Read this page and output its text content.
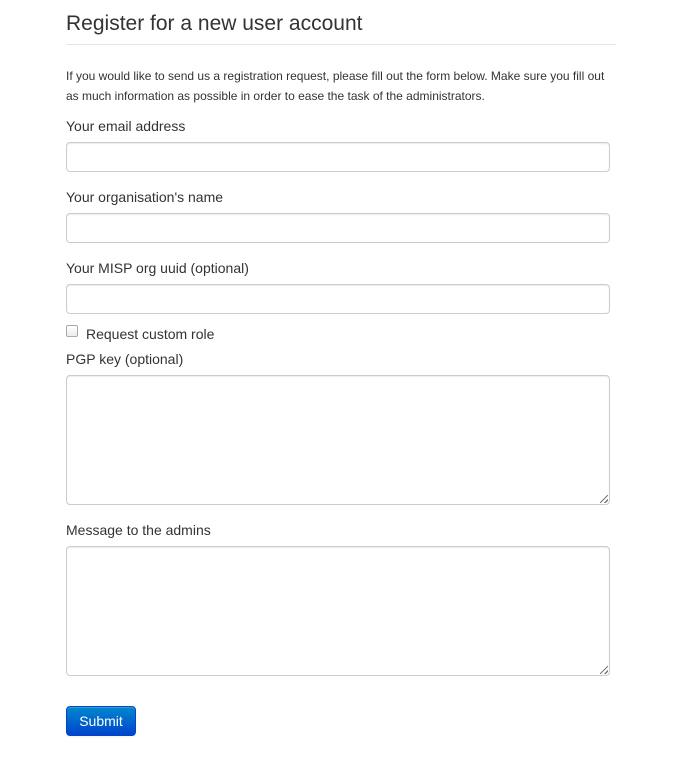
Register for a new user account
If you would like to send us a registration request, please fill out the form below. Make sure you fill out as much information as possible in order to ease the task of the administrators.
Your email address
Your organisation's name
Your MISP org uuid (optional)
Request custom role
PGP key (optional)
Message to the admins
Submit
